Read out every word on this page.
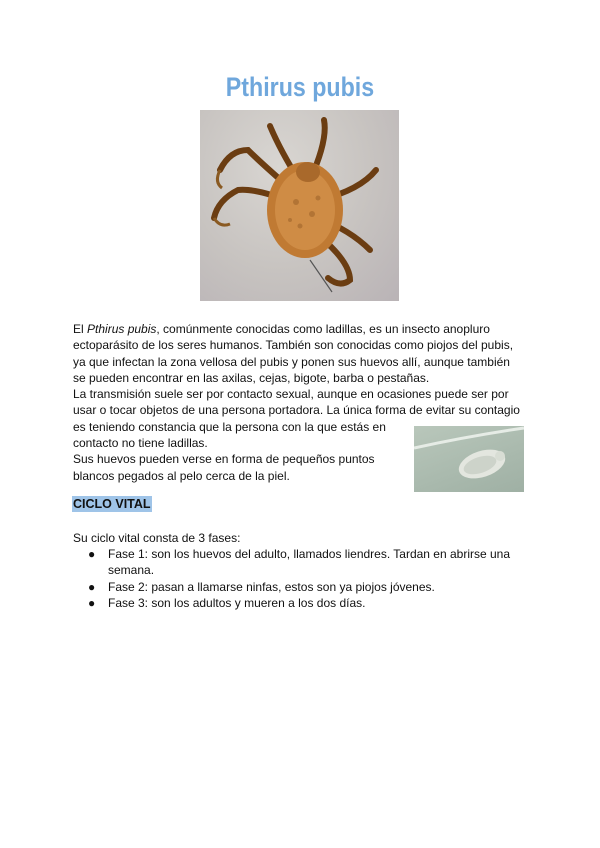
Pthirus pubis
El Pthirus pubis, comúnmente conocidas como ladillas, es un insecto anopluro
ectoparásito de los seres humanos. También son conocidas como piojos del pubis,
ya que infectan la zona vellosa del pubis y ponen sus huevos allí, aunque también
se pueden encontrar en las axilas, cejas, bigote, barba o pestañas.
La transmisión suele ser por contacto sexual, aunque en ocasiones puede ser por
usar o tocar objetos de una persona portadora. La única forma de evitar su contagio
es teniendo constancia que la persona con la que estás en
contacto no tiene ladillas.
Sus huevos pueden verse en forma de pequeños puntos
blancos pegados al pelo cerca de la piel.
CICLO VITAL
Su ciclo vital consta de 3 fases:
● Fase 1: son los huevos del adulto, llamados liendres. Tardan en abrirse una
semana.
● Fase 2: pasan a llamarse ninfas, estos son ya piojos jóvenes.
● Fase 3: son los adultos y mueren a los dos días.
